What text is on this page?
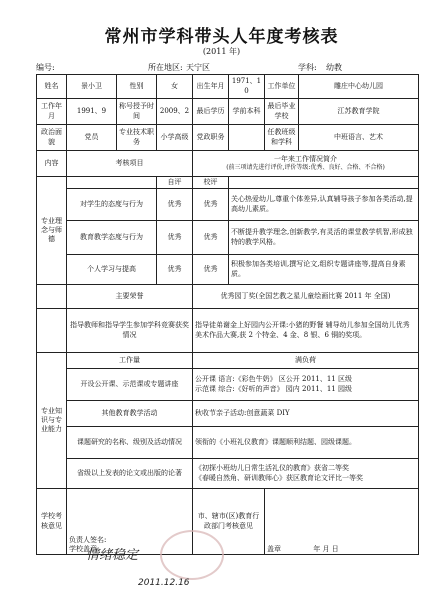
常州市学科带头人年度考核表
(2011 年)
编号:	所在地区: 天宁区	学科: 幼教
姓名	景小卫	性别	女	出生年月	1971、10	工作单位	雕庄中心幼儿园
工作年月	1991、9	称号授予时间	2009、2	最后学历	学前本科	最后毕业学校	江苏教育学院
政治面貌	党员	专业技术职务	小学高级	党政职务		任教班级和学科	中班语言、艺术
内容	考核项目			一年来工作情况简介
(前三项请先进行评价,评价等级:优秀、良好、合格、不合格)			

专业理念与师德			自评	校评			
	对学生的态度与行为		优秀	优秀	关心热爱幼儿,尊重个体差异,认真辅导孩子参加各类活动,提高幼儿素质。		
	教育教学态度与行为		优秀	优秀	不断提升教学理念,创新教学,有灵活的课堂教学机智,形成独特的教学风格。		
	个人学习与提高		优秀	优秀	积极参加各类培训,撰写论文,组织专题讲座等,提高自身素质。		
	主要荣誉			优秀园丁奖(全国艺教之星儿童绘画比赛 2011 年 全国)			
	指导教师和指导学生参加学科竞赛获奖情况			指导徒弟谢金上好园内公开课:小猪的野餐 辅导幼儿参加全国幼儿优秀美术作品大赛,获 2 个特金、4 金、8 银、6 铜的奖项。			
专业知识与专业能力	工作量			满负荷			
	开设公开课、示范课或专题讲座			公开课 语言:《彩色牛奶》 区公开 2011、11 区级
示范课 综合:《好听的声音》 园内 2011、11 园级			

	其他教育教学活动			秋收节亲子活动:创意蔬菜 DIY			
	课题研究的名称、级别及活动情况			领衔的《小班礼仪教育》课题顺利结题、园级课题。			
	省级以上发表的论文或出版的论著			《初探小班幼儿日常生活礼仪的教育》获省二等奖
《春暖自然角、研训教师心》获区教育论文评比一等奖			

学校考核意见	负责人签名:
学校盖章:			市、辖市(区)教育行政部门考核意见		盖章 年 月 日	
情绪稳定
2011.12.16
